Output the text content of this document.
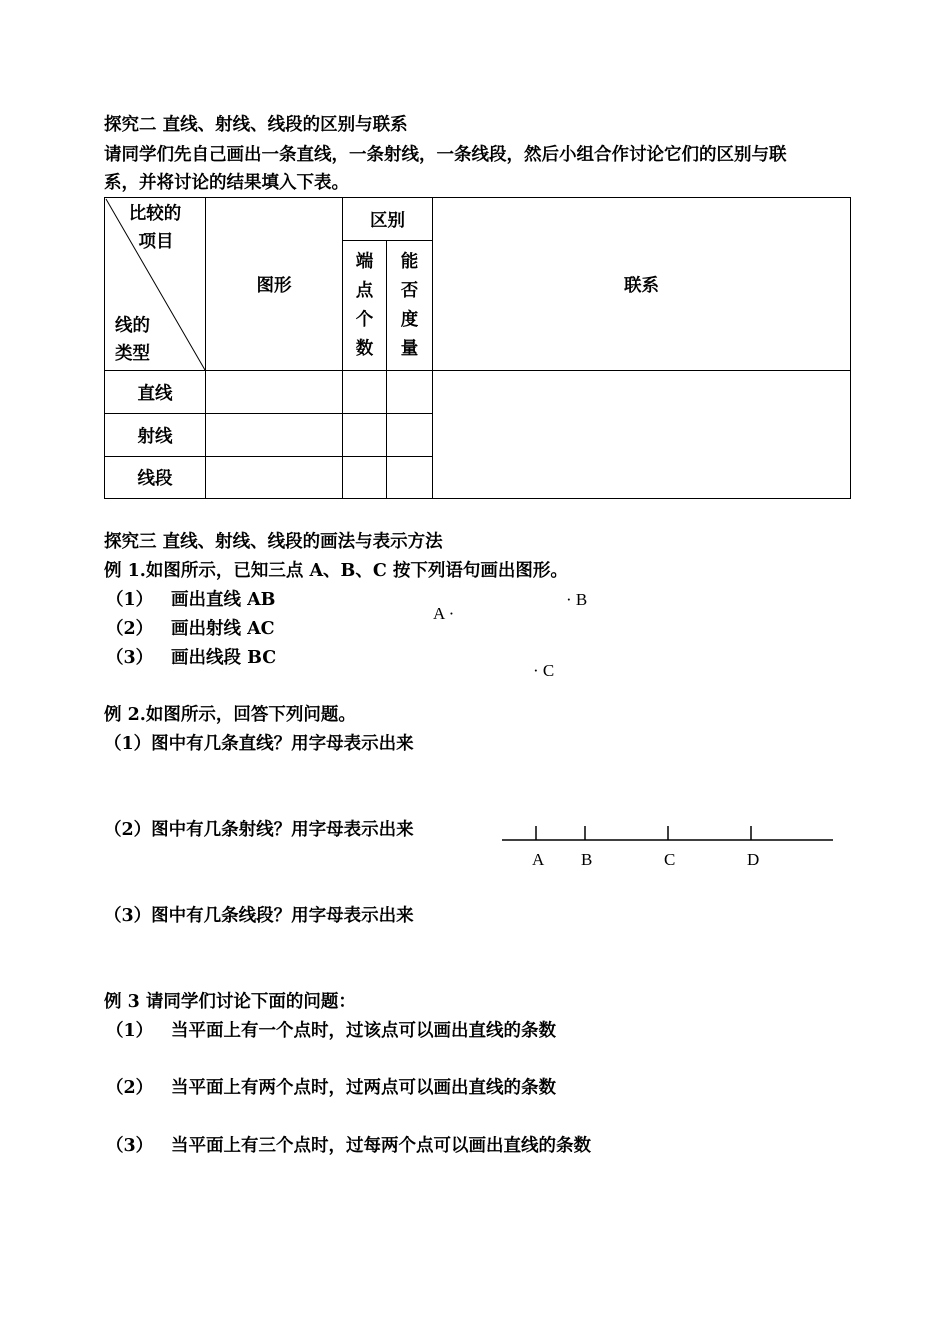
探究二 直线、射线、线段的区别与联系
请同学们先自己画出一条直线，一条射线，一条线段，然后小组合作讨论它们的区别与联
系，并将讨论的结果填入下表。
比较的
项目
线的
类型	图形	区别		联系

		端点个数	能否度量	

直线				
射线				
线段				
探究三 直线、射线、线段的画法与表示方法
例 1.如图所示，已知三点 A、B、C 按下列语句画出图形。
（1） 画出直线 AB
（2） 画出射线 AC
（3） 画出线段 BC
A ·
· B
· C
例 2.如图所示，回答下列问题。
（1）图中有几条直线？用字母表示出来
（2）图中有几条射线？用字母表示出来
（3）图中有几条线段？用字母表示出来
A B	C	D
例 3 请同学们讨论下面的问题：
（1） 当平面上有一个点时，过该点可以画出直线的条数
（2） 当平面上有两个点时，过两点可以画出直线的条数
（3） 当平面上有三个点时，过每两个点可以画出直线的条数
